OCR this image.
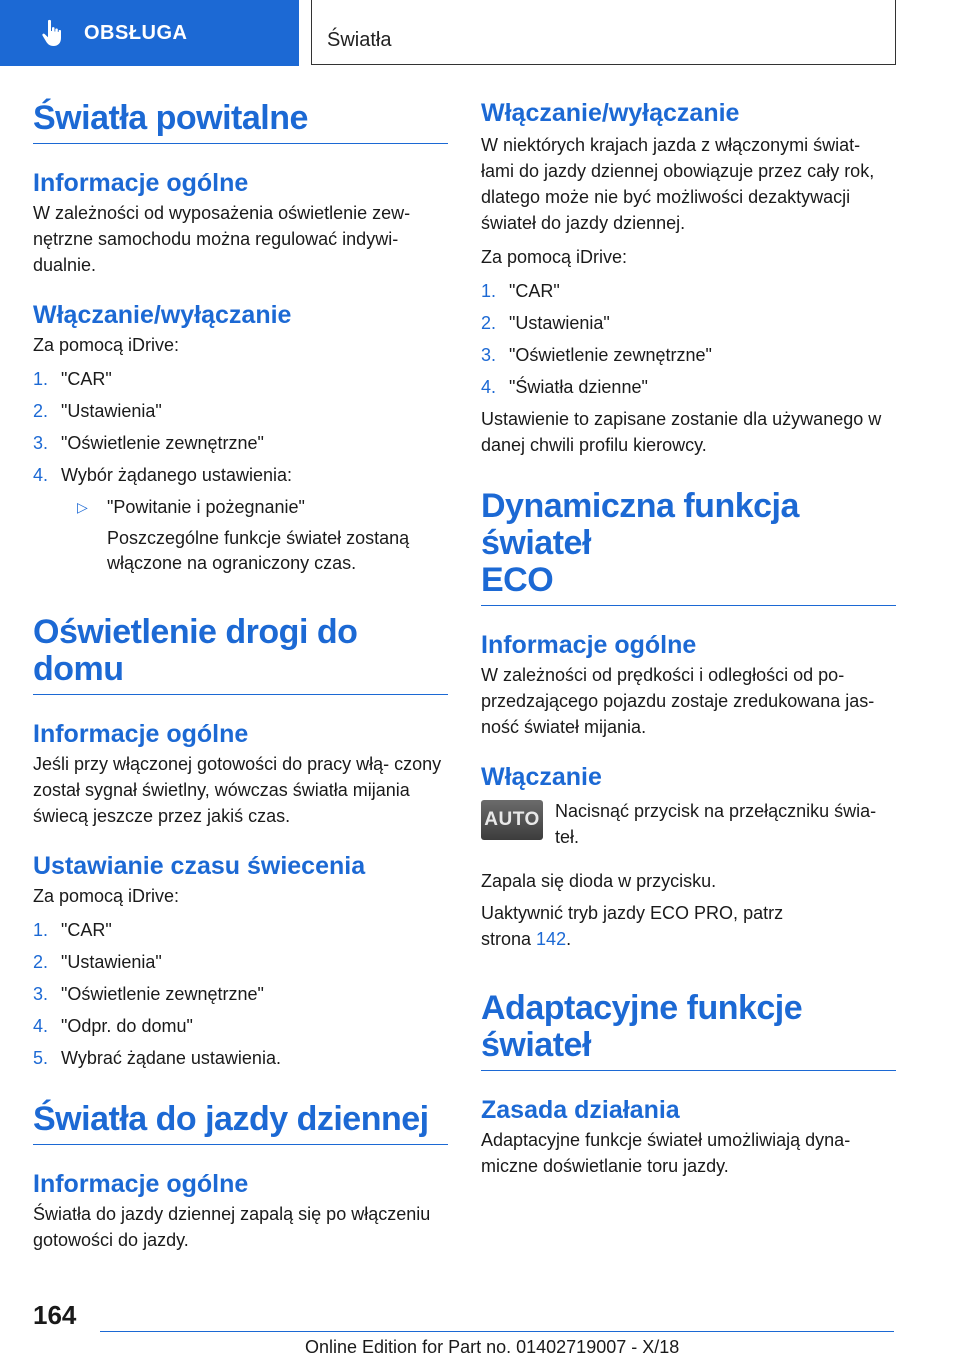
OBSŁUGA	Światła
Światła powitalne
Informacje ogólne
W zależności od wyposażenia oświetlenie zew- nętrzne samochodu można regulować indywi- dualnie.
Włączanie/wyłączanie
Za pomocą iDrive:
1. "CAR"
2. "Ustawienia"
3. "Oświetlenie zewnętrzne"
4. Wybór żądanego ustawienia:
▷	"Powitanie i pożegnanie"
Poszczególne funkcje świateł zostaną włączone na ograniczony czas.
Oświetlenie drogi do domu
Informacje ogólne
Jeśli przy włączonej gotowości do pracy włą- czony został sygnał świetlny, wówczas światła mijania świecą jeszcze przez jakiś czas.
Ustawianie czasu świecenia
Za pomocą iDrive:
1. "CAR"
2. "Ustawienia"
3. "Oświetlenie zewnętrzne"
4. "Odpr. do domu"
5. Wybrać żądane ustawienia.
Światła do jazdy dziennej
Informacje ogólne
Światła do jazdy dziennej zapalą się po włączeniu gotowości do jazdy.
Włączanie/wyłączanie
W niektórych krajach jazda z włączonymi świat- łami do jazdy dziennej obowiązuje przez cały rok, dlatego może nie być możliwości dezaktywacji świateł do jazdy dziennej.
Za pomocą iDrive:
1. "CAR"
2. "Ustawienia"
3. "Oświetlenie zewnętrzne"
4. "Światła dzienne"
Ustawienie to zapisane zostanie dla używanego w danej chwili profilu kierowcy.
Dynamiczna funkcja świateł
ECO
Informacje ogólne
W zależności od prędkości i odległości od po- przedzającego pojazdu zostaje zredukowana jas- ność świateł mijania.
Włączanie
AUTO Nacisnąć przycisk na przełączniku świa- teł.
Zapala się dioda w przycisku.
Uaktywnić tryb jazdy ECO PRO, patrz
strona 142.
Adaptacyjne funkcje
świateł
Zasada działania
Adaptacyjne funkcje świateł umożliwiają dyna- miczne doświetlanie toru jazdy.
164
Online Edition for Part no. 01402719007 - X/18
